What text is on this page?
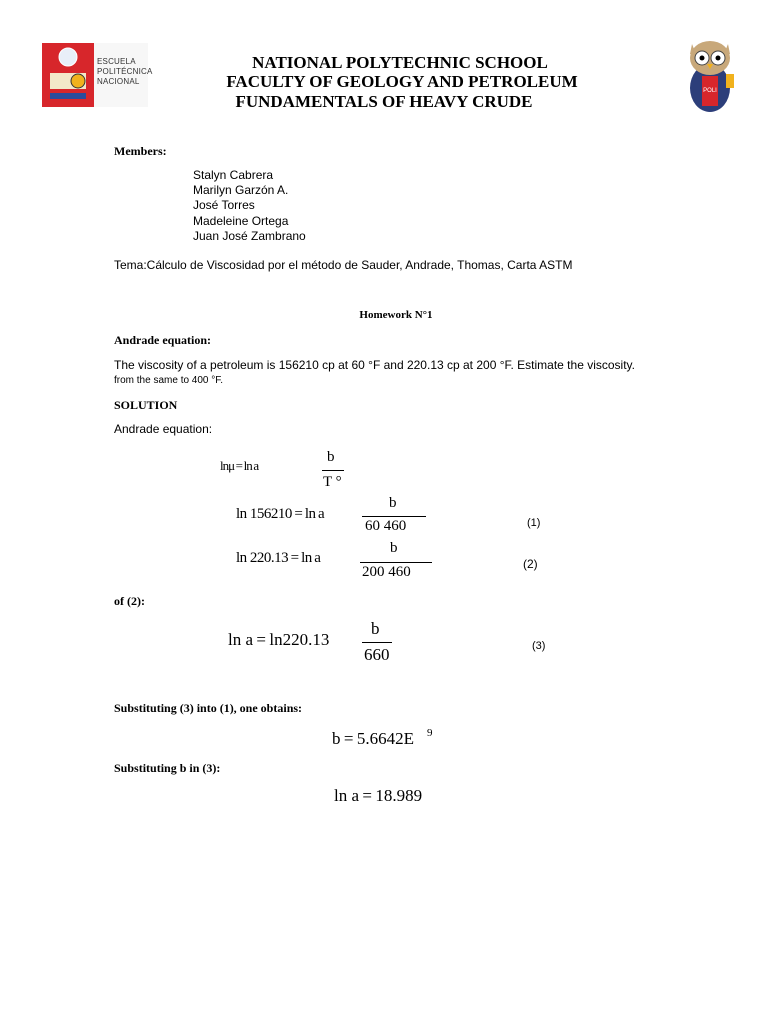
ESCUELA
POLITÉCNICA
NACIONAL
NATIONAL POLYTECHNIC SCHOOL
FACULTY OF GEOLOGY AND PETROLEUM
FUNDAMENTALS OF HEAVY CRUDE
POLI
Members:
Stalyn Cabrera
Marilyn Garzón A.
José Torres
Madeleine Ortega
Juan José Zambrano
Tema:Cálculo de Viscosidad por el método de Sauder, Andrade, Thomas, Carta ASTM
Homework N°1
Andrade equation:
The viscosity of a petroleum is 156210 cp at 60 °F and 220.13 cp at 200 °F. Estimate the viscosity.
from the same to 400 °F.
SOLUTION
Andrade equation:
lnμ = ln a
b
T °
ln 156210 = ln a
b
60 460	(1)
ln 220.13 = ln a
b
200 460	(2)
of (2):
ln a = ln220.13
b
660	(3)
Substituting (3) into (1), one obtains:
b = 5.6642E 9
Substituting b in (3):
ln a = 18.989
